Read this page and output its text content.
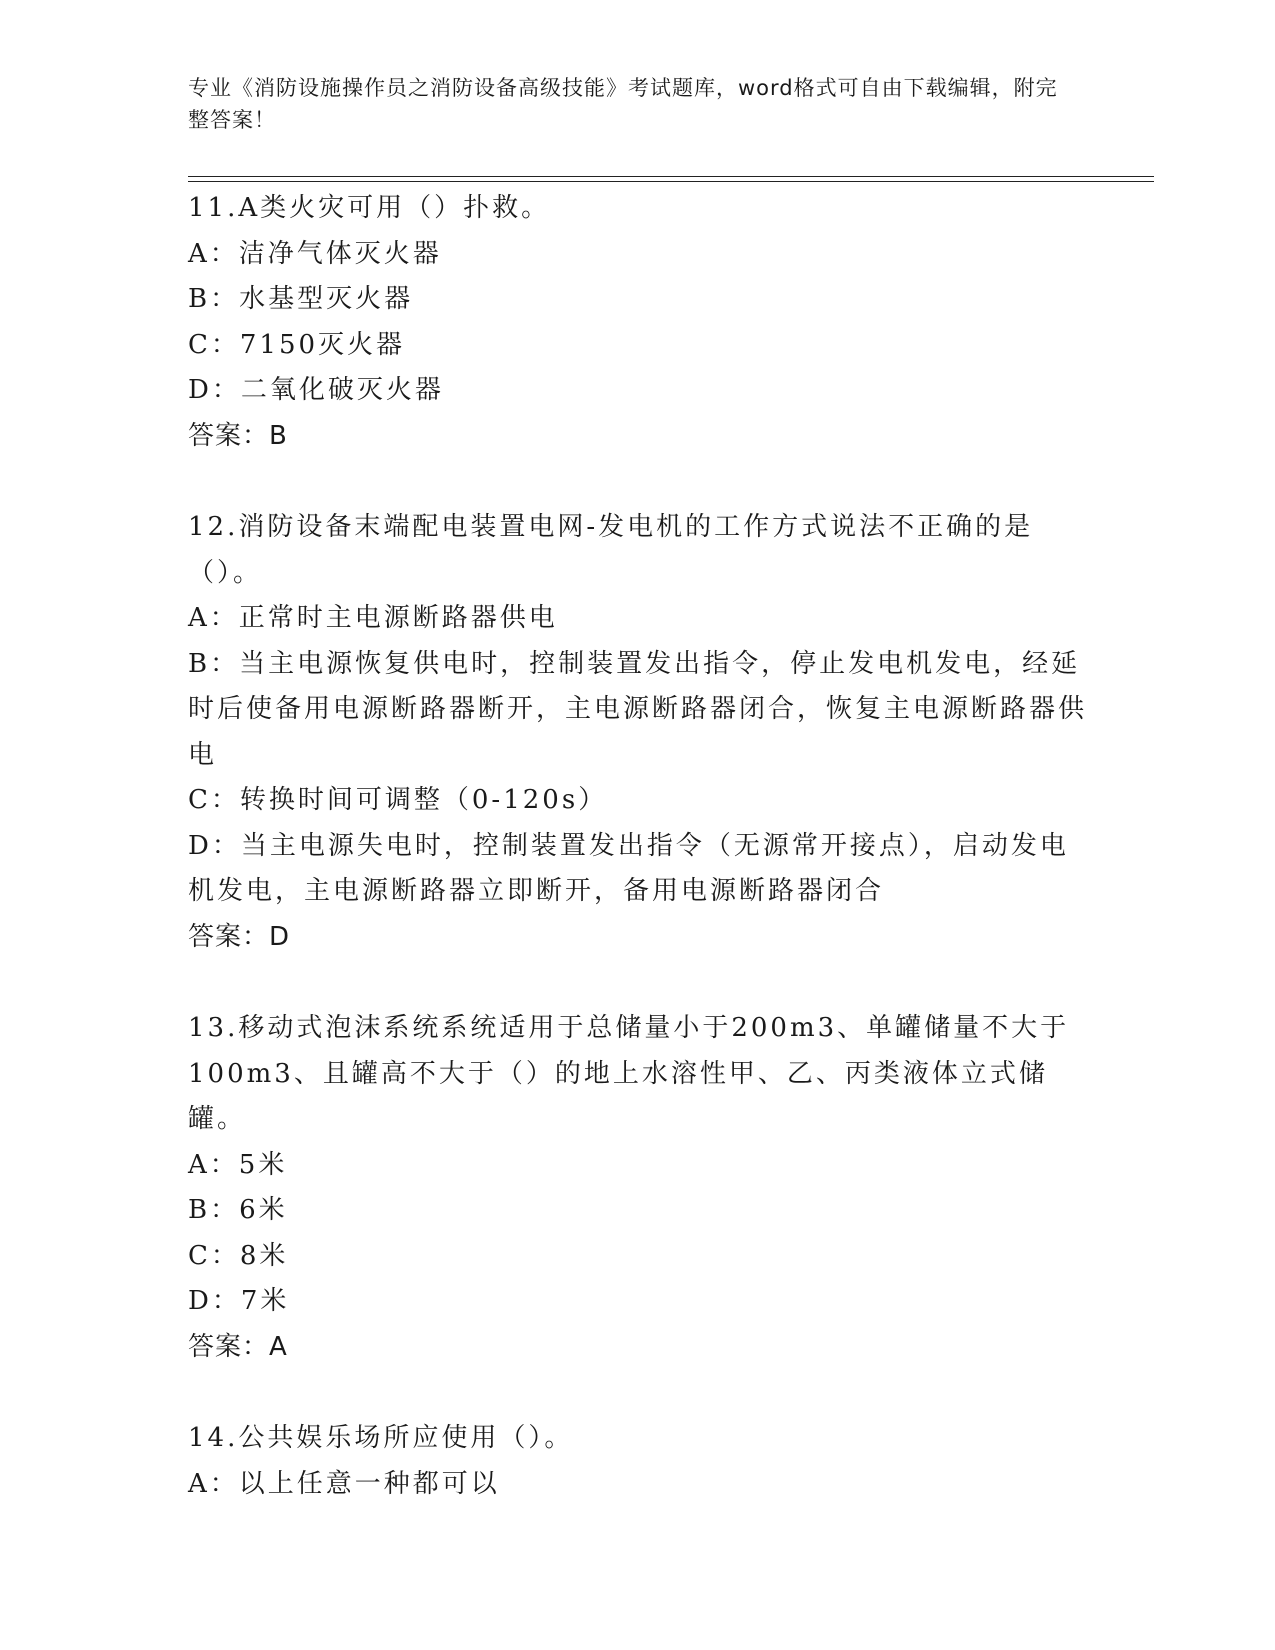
专业《消防设施操作员之消防设备高级技能》考试题库，word格式可自由下载编辑，附完整答案！
11.A类火灾可用（）扑救。
A：洁净气体灭火器
B：水基型灭火器
C：7150灭火器
D：二氧化破灭火器
答案：B
12.消防设备末端配电装置电网-发电机的工作方式说法不正确的是（）。
A：正常时主电源断路器供电
B：当主电源恢复供电时，控制装置发出指令，停止发电机发电，经延时后使备用电源断路器断开，主电源断路器闭合，恢复主电源断路器供电
C：转换时间可调整（0-120s）
D：当主电源失电时，控制装置发出指令（无源常开接点），启动发电机发电，主电源断路器立即断开，备用电源断路器闭合
答案：D
13.移动式泡沫系统系统适用于总储量小于200m3、单罐储量不大于100m3、且罐高不大于（）的地上水溶性甲、乙、丙类液体立式储罐。
A：5米
B：6米
C：8米
D：7米
答案：A
14.公共娱乐场所应使用（）。
A：以上任意一种都可以
